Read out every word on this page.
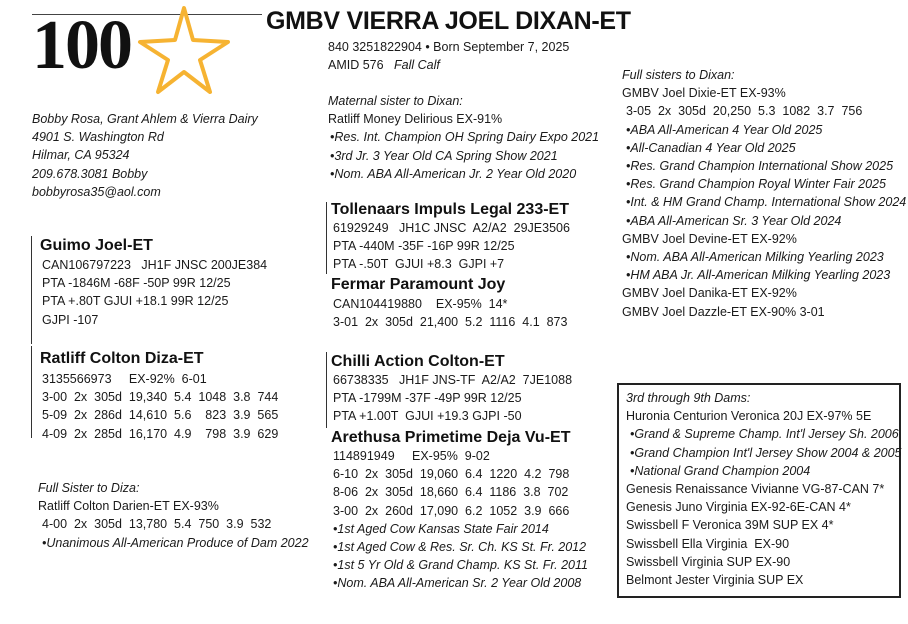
100	GMBV VIERRA JOEL DIXAN-ET
840 3251822904 • Born September 7, 2025
AMID 576 Fall Calf
Bobby Rosa, Grant Ahlem & Vierra Dairy
4901 S. Washington Rd
Hilmar, CA 95324
209.678.3081 Bobby
bobbyrosa35@aol.com
Guimo Joel-ET
CAN106797223   JH1F JNSC 200JE384
PTA -1846M -68F -50P 99R 12/25
PTA +.80T GJUI +18.1 99R 12/25
GJPI -107
Ratliff Colton Diza-ET
3135566973     EX-92%  6-01
3-00  2x  305d  19,340  5.4  1048  3.8  744
5-09  2x  286d  14,610  5.6    823  3.9  565
4-09  2x  285d  16,170  4.9    798  3.9  629
Full Sister to Diza:
Ratliff Colton Darien-ET EX-93%
4-00  2x  305d  13,780  5.4  750  3.9  532
•Unanimous All-American Produce of Dam 2022
Maternal sister to Dixan:
Ratliff Money Delirious EX-91%
•Res. Int. Champion OH Spring Dairy Expo 2021
•3rd Jr. 3 Year Old CA Spring Show 2021
•Nom. ABA All-American Jr. 2 Year Old 2020
Tollenaars Impuls Legal 233-ET
61929249   JH1C JNSC  A2/A2  29JE3506
PTA -440M -35F -16P 99R 12/25
PTA -.50T  GJUI +8.3  GJPI +7
Fermar Paramount Joy
CAN104419880    EX-95%  14*
3-01  2x  305d  21,400  5.2  1116  4.1  873
Chilli Action Colton-ET
66738335   JH1F JNS-TF  A2/A2  7JE1088
PTA -1799M -37F -49P 99R 12/25
PTA +1.00T  GJUI +19.3 GJPI -50
Arethusa Primetime Deja Vu-ET
114891949     EX-95%  9-02
6-10  2x  305d  19,060  6.4  1220  4.2  798
8-06  2x  305d  18,660  6.4  1186  3.8  702
3-00  2x  260d  17,090  6.2  1052  3.9  666
•1st Aged Cow Kansas State Fair 2014
•1st Aged Cow & Res. Sr. Ch. KS St. Fr. 2012
•1st 5 Yr Old & Grand Champ. KS St. Fr. 2011
•Nom. ABA All-American Sr. 2 Year Old 2008
Full sisters to Dixan:
GMBV Joel Dixie-ET EX-93%
3-05  2x  305d  20,250  5.3  1082  3.7  756
•ABA All-American 4 Year Old 2025
•All-Canadian 4 Year Old 2025
•Res. Grand Champion International Show 2025
•Res. Grand Champion Royal Winter Fair 2025
•Int. & HM Grand Champ. International Show 2024
•ABA All-American Sr. 3 Year Old 2024
GMBV Joel Devine-ET EX-92%
•Nom. ABA All-American Milking Yearling 2023
•HM ABA Jr. All-American Milking Yearling 2023
GMBV Joel Danika-ET EX-92%
GMBV Joel Dazzle-ET EX-90% 3-01
3rd through 9th Dams:
Huronia Centurion Veronica 20J EX-97% 5E
•Grand & Supreme Champ. Int'l Jersey Sh. 2006
•Grand Champion Int'l Jersey Show 2004 & 2005
•National Grand Champion 2004
Genesis Renaissance Vivianne VG-87-CAN 7*
Genesis Juno Virginia EX-92-6E-CAN 4*
Swissbell F Veronica 39M SUP EX 4*
Swissbell Ella Virginia  EX-90
Swissbell Virginia SUP EX-90
Belmont Jester Virginia SUP EX
